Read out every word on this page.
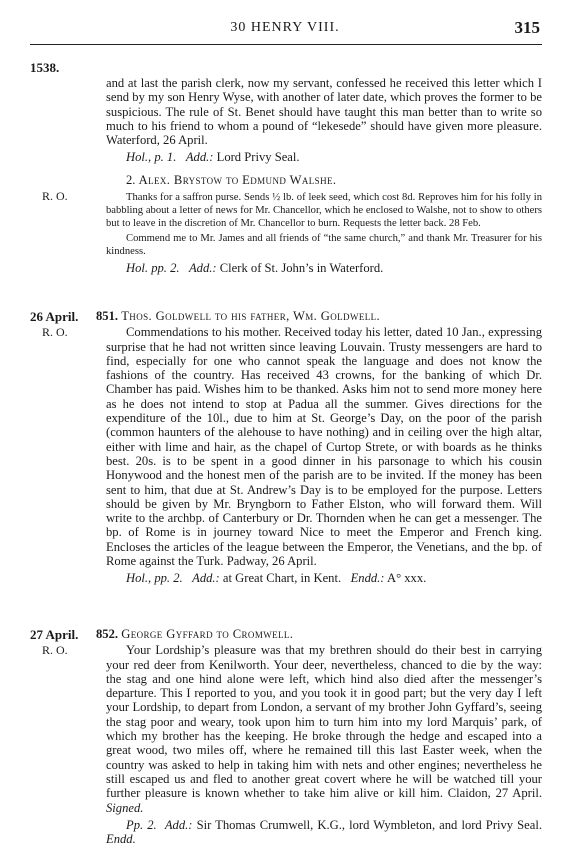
30 HENRY VIII.	315
1538.

and at last the parish clerk, now my servant, confessed he received this letter which I send by my son Henry Wyse, with another of later date, which proves the former to be suspicious. The rule of St. Benet should have taught this man better than to write so much to his friend to whom a pound of “lekesede” should have given more pleasure. Waterford, 26 April.

Hol., p. 1. Add.: Lord Privy Seal.

R. O.

2. Alex. Brystow to Edmund Walshe.

Thanks for a saffron purse. Sends ½ lb. of leek seed, which cost 8d. Reproves him for his folly in babbling about a letter of news for Mr. Chancellor, which he enclosed to Walshe, not to show to others but to leave in the discretion of Mr. Chancellor to burn. Requests the letter back. 28 Feb.

Commend me to Mr. James and all friends of “the same church,” and thank Mr. Treasurer for his kindness.

Hol. pp. 2. Add.: Clerk of St. John’s in Waterford.

26 April.
R. O.

851. Thos. Goldwell to his father, Wm. Goldwell.

Commendations to his mother. Received today his letter, dated 10 Jan., expressing surprise that he had not written since leaving Louvain. Trusty messengers are hard to find, especially for one who cannot speak the language and does not know the fashions of the country. Has received 43 crowns, for the banking of which Dr. Chamber has paid. Wishes him to be thanked. Asks him not to send more money here as he does not intend to stop at Padua all the summer. Gives directions for the expenditure of the 10l., due to him at St. George’s Day, on the poor of the parish (common haunters of the alehouse to have nothing) and in ceiling over the high altar, either with lime and hair, as the chapel of Curtop Strete, or with boards as he thinks best. 20s. is to be spent in a good dinner in his parsonage to which his cousin Honywood and the honest men of the parish are to be invited. If the money has been sent to him, that due at St. Andrew’s Day is to be employed for the purpose. Letters should be given by Mr. Bryngborn to Father Elston, who will forward them. Will write to the archbp. of Canterbury or Dr. Thornden when he can get a messenger. The bp. of Rome is in journey toward Nice to meet the Emperor and French king. Encloses the articles of the league between the Emperor, the Venetians, and the bp. of Rome against the Turk. Padway, 26 April.

Hol., pp. 2. Add.: at Great Chart, in Kent. Endd.: A° xxx.

27 April.
R. O.

852. George Gyffard to Cromwell.

Your Lordship’s pleasure was that my brethren should do their best in carrying your red deer from Kenilworth. Your deer, nevertheless, chanced to die by the way: the stag and one hind alone were left, which hind also died after the messenger’s departure. This I reported to you, and you took it in good part; but the very day I left your Lordship, to depart from London, a servant of my brother John Gyffard’s, seeing the stag poor and weary, took upon him to turn him into my lord Marquis’ park, of which my brother has the keeping. He broke through the hedge and escaped into a great wood, two miles off, where he remained till this last Easter week, when the country was asked to help in taking him with nets and other engines; nevertheless he still escaped us and fled to another great covert where he will be watched till your further pleasure is known whether to take him alive or kill him. Claidon, 27 April. Signed.

Pp. 2. Add.: Sir Thomas Crumwell, K.G., lord Wymbleton, and lord Privy Seal. Endd.
